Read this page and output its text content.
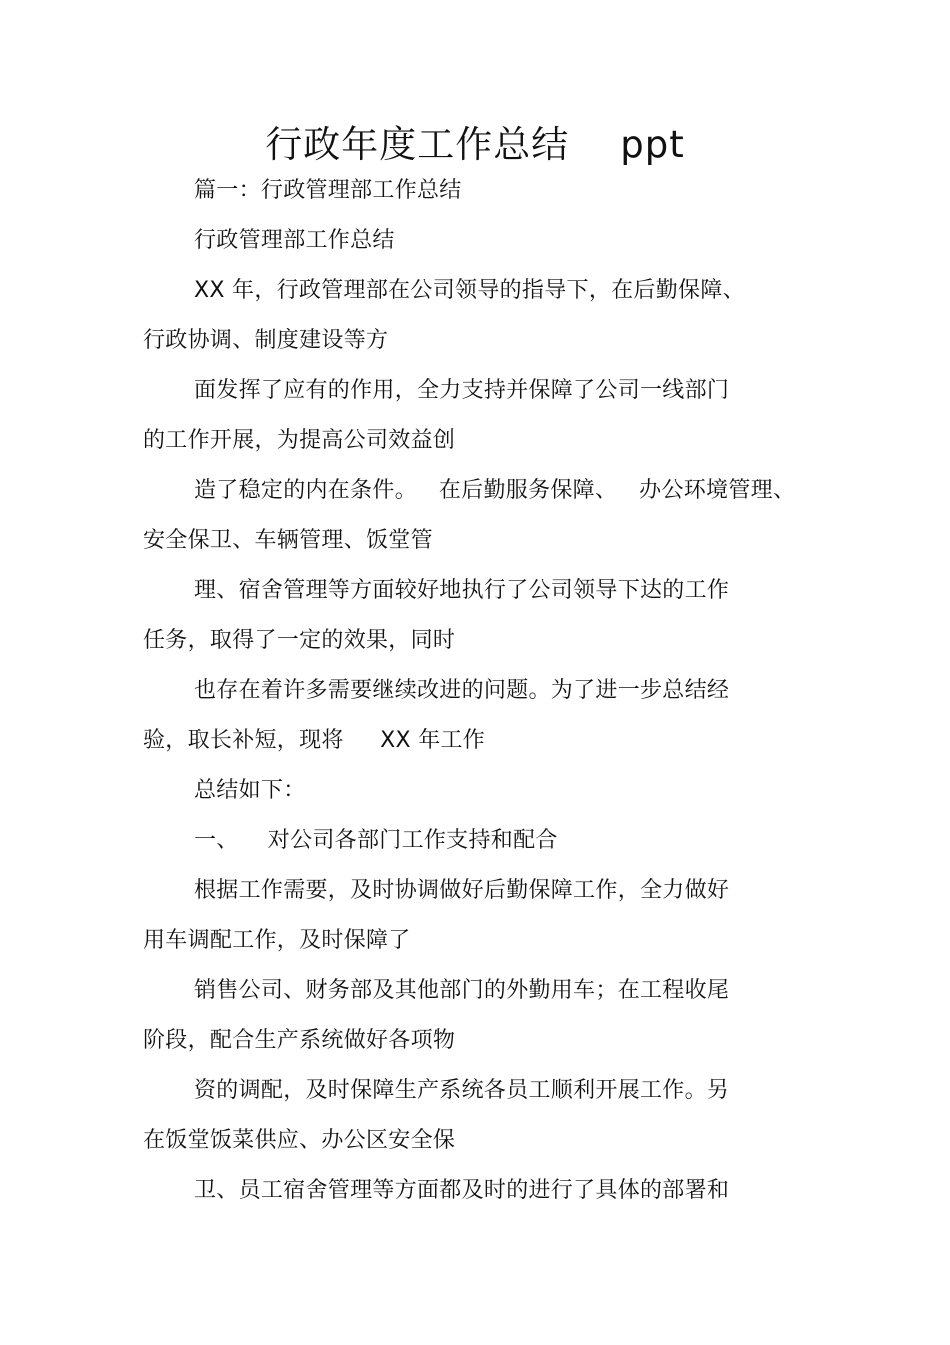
行政年度工作总结    ppt
篇一：行政管理部工作总结
行政管理部工作总结
XX 年，行政管理部在公司领导的指导下，在后勤保障、
行政协调、制度建设等方
面发挥了应有的作用，全力支持并保障了公司一线部门
的工作开展，为提高公司效益创
造了稳定的内在条件。   在后勤服务保障、   办公环境管理、
安全保卫、车辆管理、饭堂管
理、宿舍管理等方面较好地执行了公司领导下达的工作
任务，取得了一定的效果，同时
也存在着许多需要继续改进的问题。为了进一步总结经
验，取长补短，现将     XX 年工作
总结如下：
一、    对公司各部门工作支持和配合
根据工作需要，及时协调做好后勤保障工作，全力做好
用车调配工作，及时保障了
销售公司、财务部及其他部门的外勤用车；在工程收尾
阶段，配合生产系统做好各项物
资的调配，及时保障生产系统各员工顺利开展工作。另
在饭堂饭菜供应、办公区安全保
卫、员工宿舍管理等方面都及时的进行了具体的部署和
